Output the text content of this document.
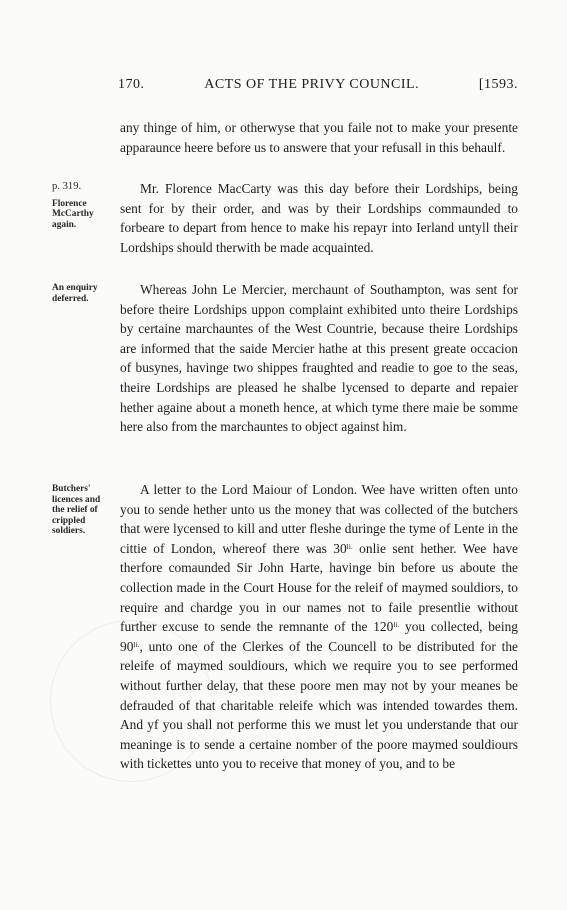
170 .	ACTS OF THE PRIVY COUNCIL.	[1593.

any thinge of him, or otherwyse that you faile not to make your presente apparaunce heere before us to answere that your refusall in this behaulf.

p. 319.
Florence McCarthy again.

Mr. Florence MacCarty was this day before their Lordships, being sent for by their order, and was by their Lordships commaunded to forbeare to depart from hence to make his repayr into Ierland untyll their Lordships should therwith be made acquainted.

An enquiry deferred.

Whereas John Le Mercier, merchaunt of Southampton, was sent for before theire Lordships uppon complaint exhibited unto theire Lordships by certaine marchauntes of the West Countrie, because theire Lordships are informed that the saide Mercier hathe at this present greate occacion of busynes, havinge two shippes fraughted and readie to goe to the seas, theire Lordships are pleased he shalbe lycensed to departe and repaier hether againe about a moneth hence, at which tyme there maie be somme here also from the marchauntes to object against him.

Butchers' licences and the relief of crippled soldiers.

A letter to the Lord Maiour of London. Wee have written often unto you to sende hether unto us the money that was collected of the butchers that were lycensed to kill and utter fleshe duringe the tyme of Lente in the cittie of London, whereof there was $30^{li.}$ onlie sent hether. Wee have therfore comaunded Sir John Harte, havinge bin before us aboute the collection made in the Court House for the releif of maymed souldiors, to require and chardge you in our names not to faile presentlie without further excuse to sende the remnante of the $120^{li.}$ you collected, being $90^{li.}$, unto one of the Clerkes of the Councell to be distributed for the releife of maymed souldiours, which we require you to see performed without further delay, that these poore men may not by your meanes be defrauded of that charitable releife which was intended towardes them. And yf you shall not performe this we must let you understande that our meaninge is to sende a certaine nomber of the poore maymed souldiours with tickettes unto you to receive that money of you, and to be
